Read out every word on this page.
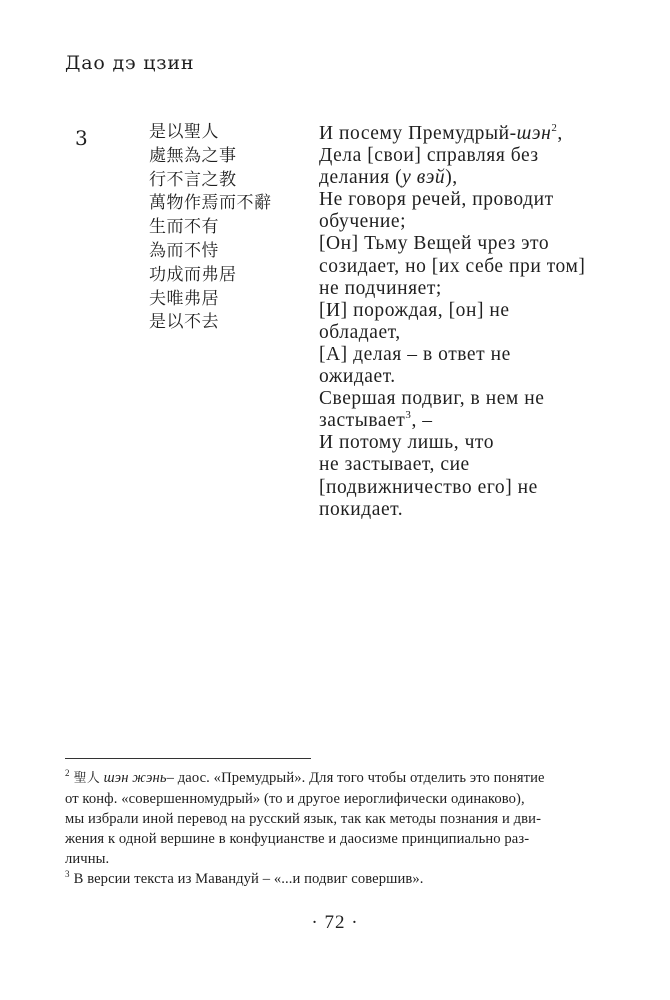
Дао дэ цзин
3	是以聖人
處無為之事
行不言之教
萬物作焉而不辭
生而不有
為而不恃
功成而弗居
夫唯弗居
是以不去
И посему Премудрый-шэн$^2$,
Дела [свои] справляя без
делания (у вэй),
Не говоря речей, проводит
обучение;
[Он] Тьму Вещей чрез это
созидает, но [их себе при том]
не подчиняет;
[И] порождая, [он] не
обладает,
[А] делая – в ответ не
ожидает.
Свершая подвиг, в нем не
застывает$^3$, –
И потому лишь, что
не застывает, сие
[подвижничество его] не
покидает.
$^2$ 聖人 шэн жэнь– даос. «Премудрый». Для того чтобы отделить это понятие
от конф. «совершенномудрый» (то и другое иероглифически одинаково),
мы избрали иной перевод на русский язык, так как методы познания и дви-
жения к одной вершине в конфуцианстве и даосизме принципиально раз-
личны.
$^3$ В версии текста из Мавандуй – «...и подвиг совершив».
· 72 ·
